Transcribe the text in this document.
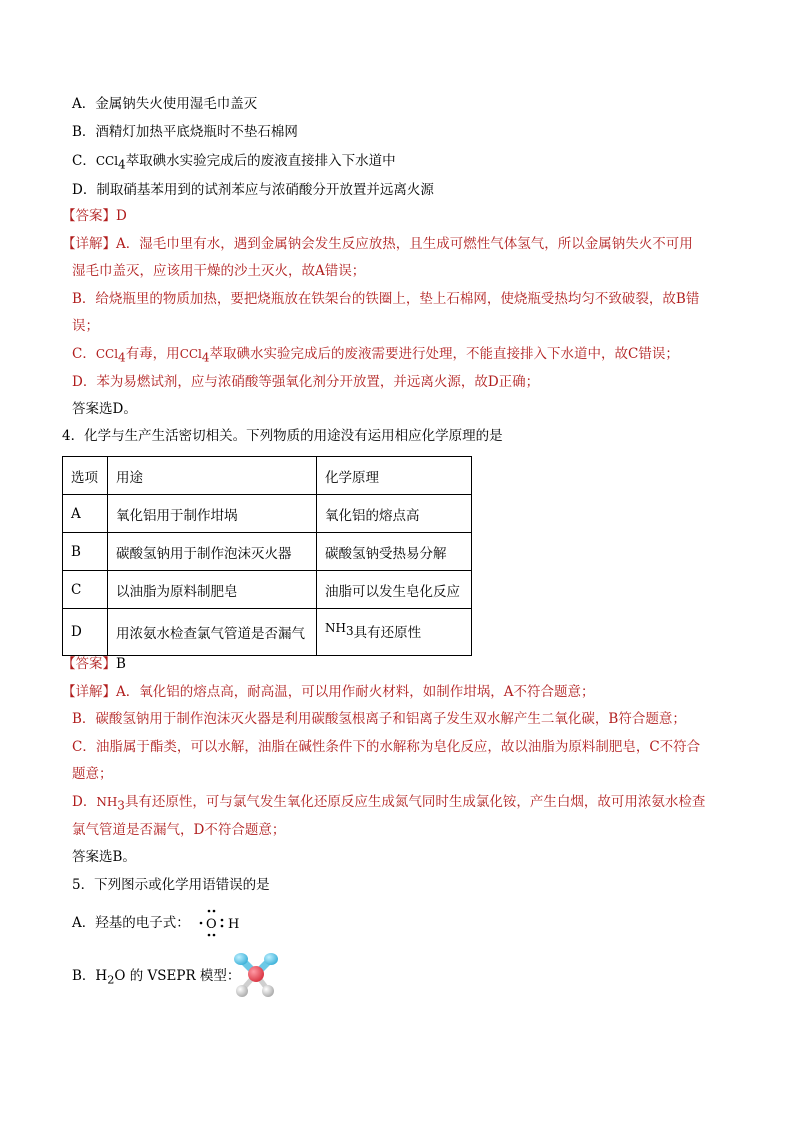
A．金属钠失火使用湿毛巾盖灭
B．酒精灯加热平底烧瓶时不垫石棉网
C．CCl$_4$萃取碘水实验完成后的废液直接排入下水道中
D．制取硝基苯用到的试剂苯应与浓硝酸分开放置并远离火源
【答案】D
【详解】A．湿毛巾里有水，遇到金属钠会发生反应放热，且生成可燃性气体氢气，所以金属钠失火不可用
湿毛巾盖灭，应该用干燥的沙土灭火，故A错误；
B．给烧瓶里的物质加热，要把烧瓶放在铁架台的铁圈上，垫上石棉网，使烧瓶受热均匀不致破裂，故B错
误；
C．CCl$_4$有毒，用CCl$_4$萃取碘水实验完成后的废液需要进行处理，不能直接排入下水道中，故C错误；
D．苯为易燃试剂，应与浓硝酸等强氧化剂分开放置，并远离火源，故D正确；
答案选D。
4．化学与生产生活密切相关。下列物质的用途没有运用相应化学原理的是
选项	用途	化学原理
A	氧化铝用于制作坩埚	氧化铝的熔点高
B	碳酸氢钠用于制作泡沫灭火器	碳酸氢钠受热易分解
C	以油脂为原料制肥皂	油脂可以发生皂化反应
D	用浓氨水检查氯气管道是否漏气	$NH_3$具有还原性
【答案】B
【详解】A．氧化铝的熔点高，耐高温，可以用作耐火材料，如制作坩埚，A不符合题意；
B．碳酸氢钠用于制作泡沫灭火器是利用碳酸氢根离子和铝离子发生双水解产生二氧化碳，B符合题意；
C．油脂属于酯类，可以水解，油脂在碱性条件下的水解称为皂化反应，故以油脂为原料制肥皂，C不符合
题意；
D．$NH_3$具有还原性，可与氯气发生氧化还原反应生成氮气同时生成氯化铵，产生白烟，故可用浓氨水检查
氯气管道是否漏气，D不符合题意；
答案选B。
5．下列图示或化学用语错误的是
A．羟基的电子式： O H
B．$H_2O$ 的 VSEPR 模型：
